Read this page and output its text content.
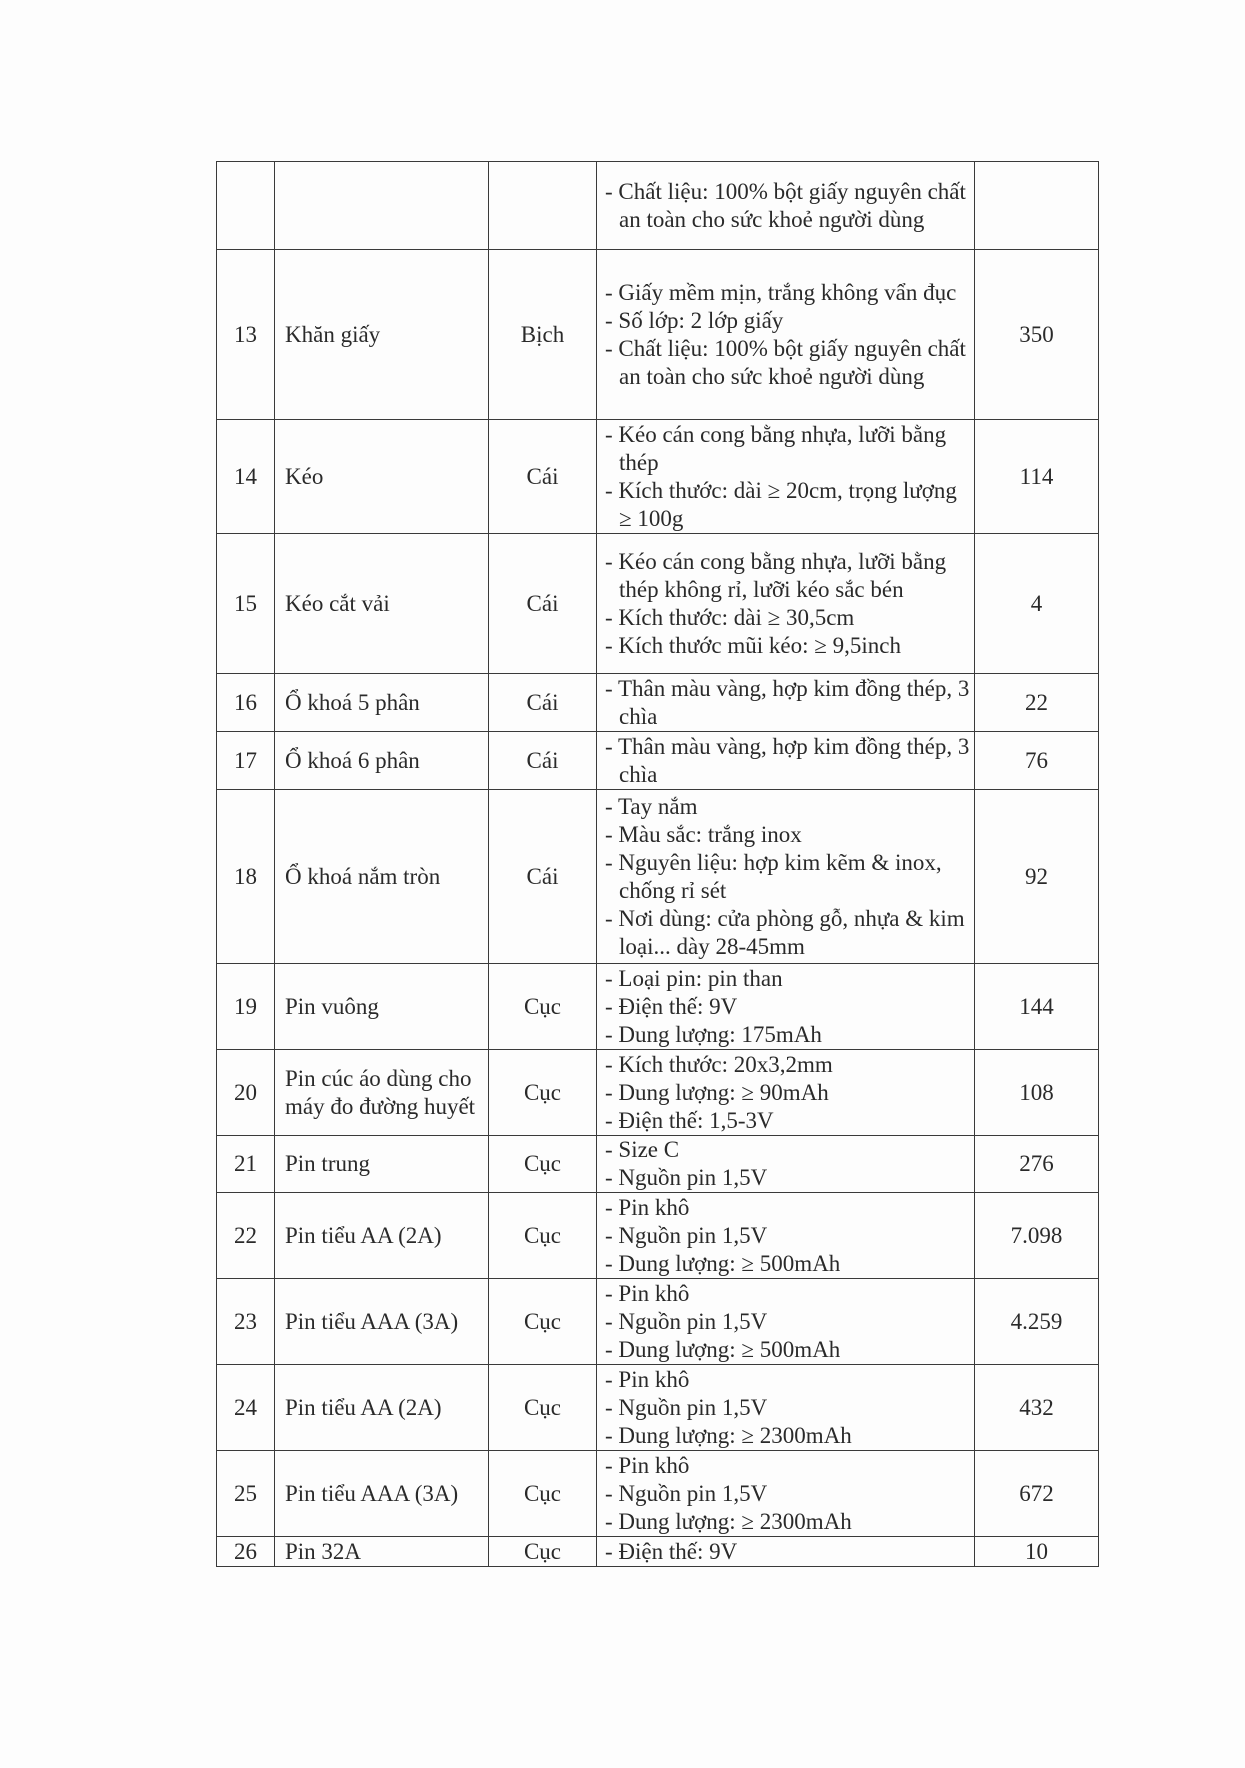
			- Chất liệu: 100% bột giấy nguyên chất an toàn cho sức khoẻ người dùng	

13	Khăn giấy	Bịch	- Giấy mềm mịn, trắng không vẩn đục
- Số lớp: 2 lớp giấy
- Chất liệu: 100% bột giấy nguyên chất an toàn cho sức khoẻ người dùng	350
14	Kéo	Cái	- Kéo cán cong bằng nhựa, lưỡi bằng thép
- Kích thước: dài ≥ 20cm, trọng lượng ≥ 100g	114
15	Kéo cắt vải	Cái	- Kéo cán cong bằng nhựa, lưỡi bằng thép không rỉ, lưỡi kéo sắc bén
- Kích thước: dài ≥ 30,5cm
- Kích thước mũi kéo: ≥ 9,5inch	4
16	Ổ khoá 5 phân	Cái	- Thân màu vàng, hợp kim đồng thép, 3 chìa	22
17	Ổ khoá 6 phân	Cái	- Thân màu vàng, hợp kim đồng thép, 3 chìa	76
18	Ổ khoá nắm tròn	Cái	- Tay nắm
- Màu sắc: trắng inox
- Nguyên liệu: hợp kim kẽm & inox, chống rỉ sét
- Nơi dùng: cửa phòng gỗ, nhựa & kim loại... dày 28-45mm	92
19	Pin vuông	Cục	- Loại pin: pin than
- Điện thế: 9V
- Dung lượng: 175mAh	144
20	Pin cúc áo dùng cho máy đo đường huyết	Cục	- Kích thước: 20x3,2mm
- Dung lượng: ≥ 90mAh
- Điện thế: 1,5-3V	108
21	Pin trung	Cục	- Size C
- Nguồn pin 1,5V	276
22	Pin tiểu AA (2A)	Cục	- Pin khô
- Nguồn pin 1,5V
- Dung lượng: ≥ 500mAh	7.098
23	Pin tiểu AAA (3A)	Cục	- Pin khô
- Nguồn pin 1,5V
- Dung lượng: ≥ 500mAh	4.259
24	Pin tiểu AA (2A)	Cục	- Pin khô
- Nguồn pin 1,5V
- Dung lượng: ≥ 2300mAh	432
25	Pin tiểu AAA (3A)	Cục	- Pin khô
- Nguồn pin 1,5V
- Dung lượng: ≥ 2300mAh	672
26	Pin 32A	Cục	- Điện thế: 9V	10
